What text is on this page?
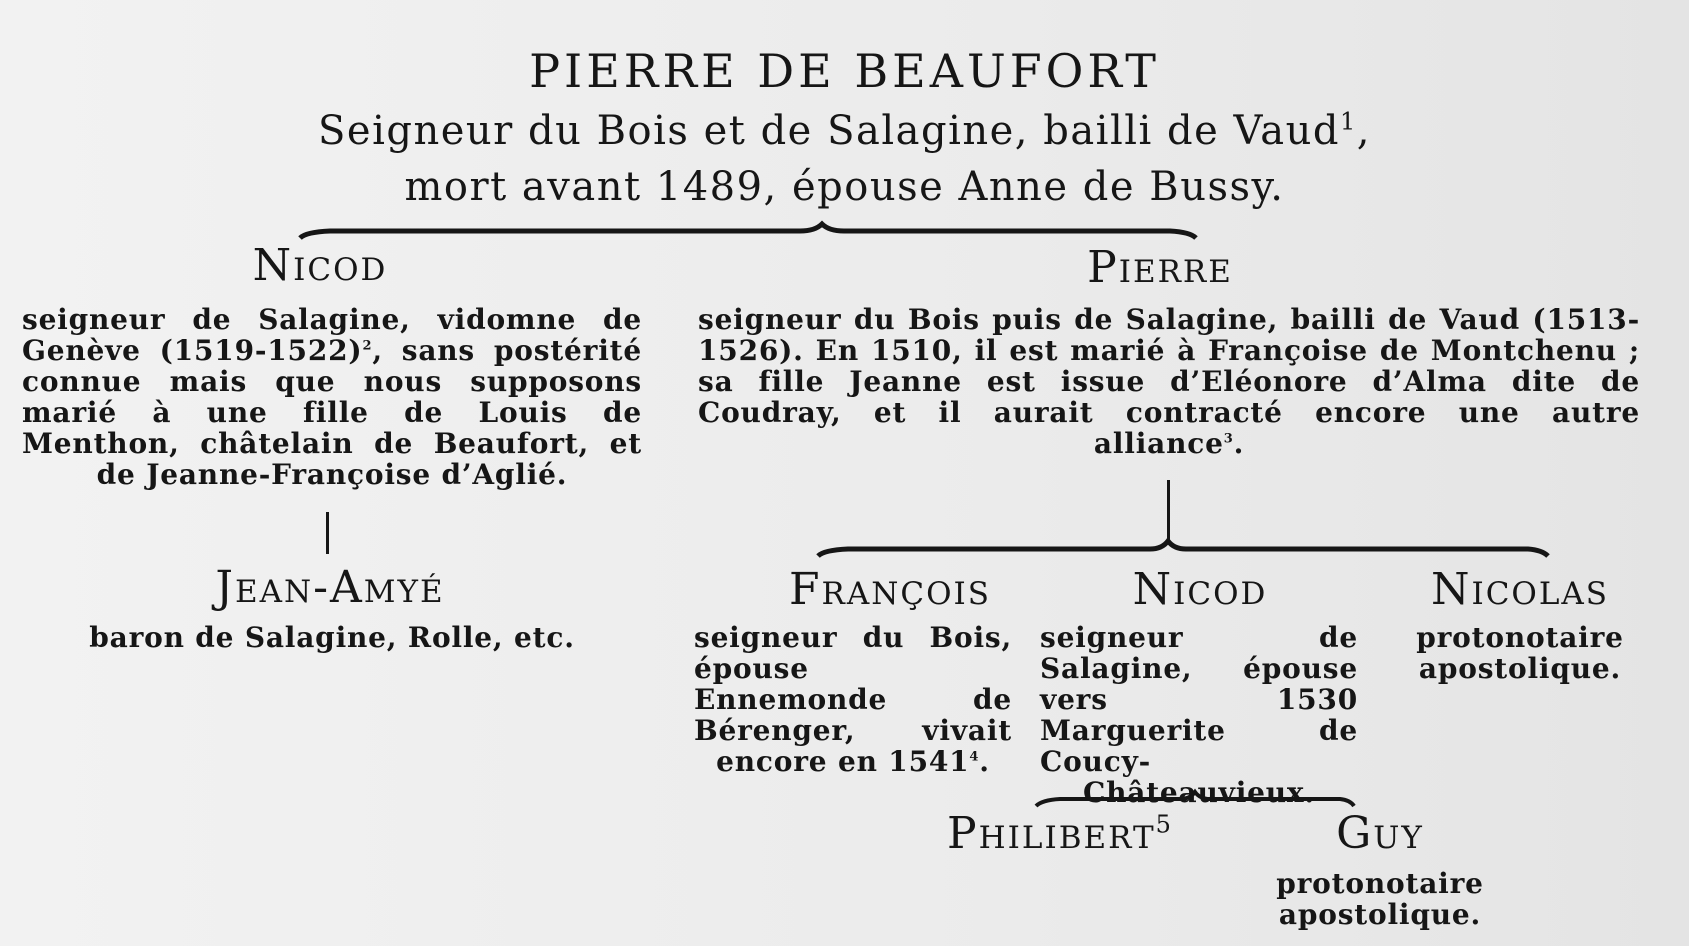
PIERRE DE BEAUFORT
Seigneur du Bois et de Salagine, bailli de Vaud$^1$,
mort avant 1489, épouse Anne de Bussy.
Nicod
seigneur de Salagine, vidomne de Genève (1519-1522)$^2$, sans postérité connue mais que nous supposons marié à une fille de Louis de Menthon, châtelain de Beaufort, et de Jeanne-Françoise d’Aglié.
Jean-Amyé
baron de Salagine, Rolle, etc.
Pierre
seigneur du Bois puis de Salagine, bailli de Vaud (1513-1526). En 1510, il est marié à Françoise de Montchenu ; sa fille Jeanne est issue d’Eléonore d’Alma dite de Coudray, et il aurait contracté encore une autre alliance$^3$.
François
seigneur du Bois, épouse Ennemonde de Bérenger, vivait encore en 1541$^4$.
Nicod
seigneur de Salagine, épouse vers 1530 Marguerite de Coucy-Châteauvieux.
Nicolas
protonotaire apostolique.
Philibert$^5$	Guy
protonotaire apostolique.
